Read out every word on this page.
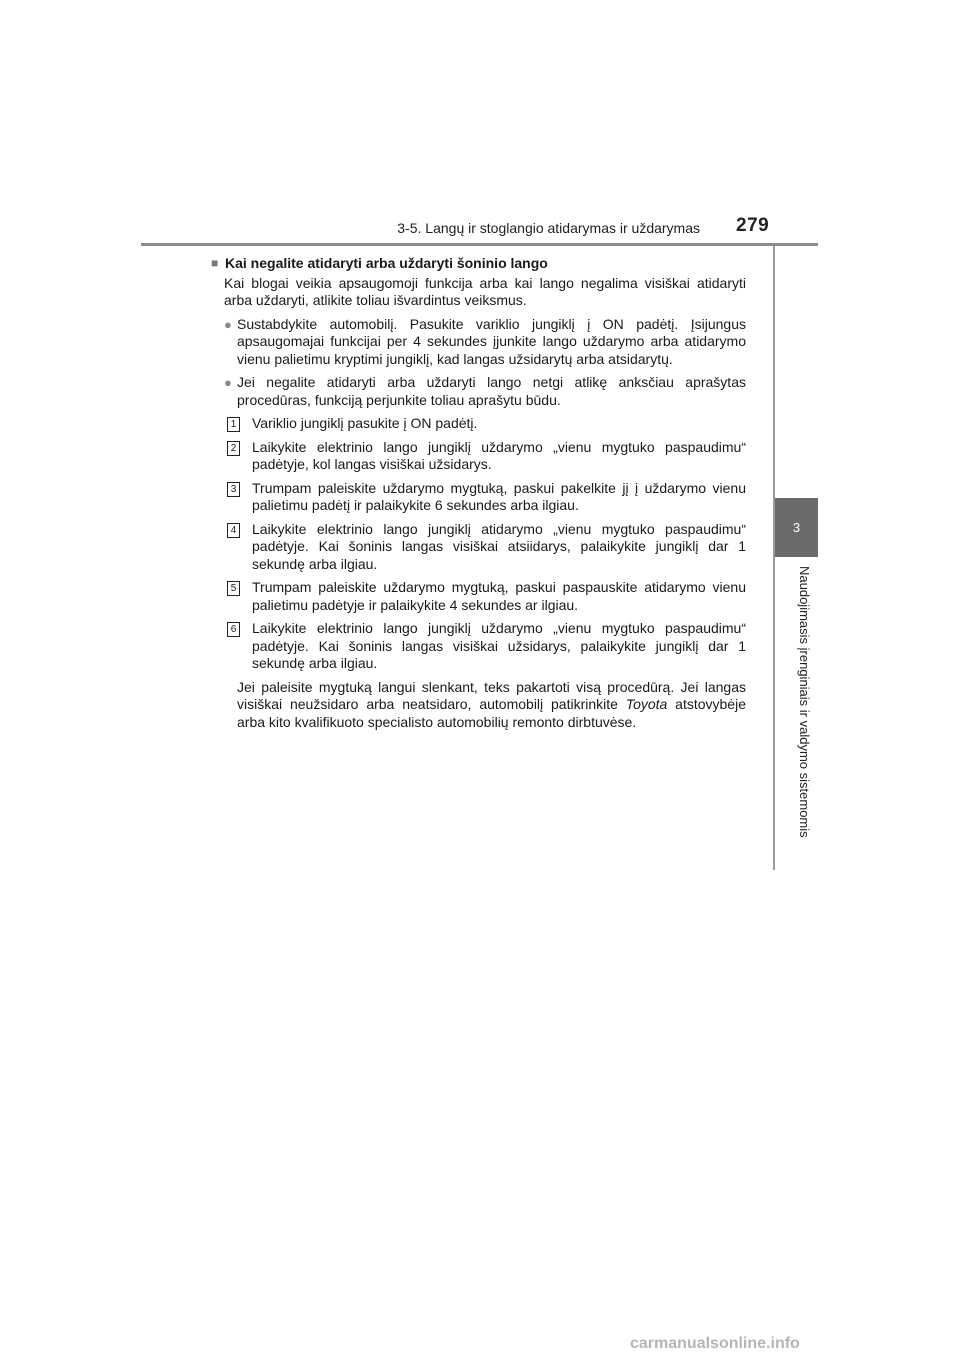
3-5. Langų ir stoglangio atidarymas ir uždarymas 279
3
Naudojimasis įrenginiais ir valdymo sistemomis
■ Kai negalite atidaryti arba uždaryti šoninio lango

Kai blogai veikia apsaugomoji funkcija arba kai lango negalima visiškai atidaryti arba uždaryti, atlikite toliau išvardintus veiksmus.

● Sustabdykite automobilį. Pasukite variklio jungiklį į ON padėtį. Įsijungus apsaugomajai funkcijai per 4 sekundes įjunkite lango uždarymo arba atidarymo vienu palietimu kryptimi jungiklį, kad langas užsidarytų arba atsidarytų.
● Jei negalite atidaryti arba uždaryti lango netgi atlikę anksčiau aprašytas procedūras, funkciją perjunkite toliau aprašytu būdu.
1 Variklio jungiklį pasukite į ON padėtį.
2 Laikykite elektrinio lango jungiklį uždarymo „vienu mygtuko paspaudimu“ padėtyje, kol langas visiškai užsidarys.
3 Trumpam paleiskite uždarymo mygtuką, paskui pakelkite jį į uždarymo vienu palietimu padėtį ir palaikykite 6 sekundes arba ilgiau.
4 Laikykite elektrinio lango jungiklį atidarymo „vienu mygtuko paspaudimu“ padėtyje. Kai šoninis langas visiškai atsiidarys, palaikykite jungiklį dar 1 sekundę arba ilgiau.
5 Trumpam paleiskite uždarymo mygtuką, paskui paspauskite atidarymo vienu palietimu padėtyje ir palaikykite 4 sekundes ar ilgiau.
6 Laikykite elektrinio lango jungiklį uždarymo „vienu mygtuko paspaudimu“ padėtyje. Kai šoninis langas visiškai užsidarys, palaikykite jungiklį dar 1 sekundę arba ilgiau.

Jei paleisite mygtuką langui slenkant, teks pakartoti visą procedūrą. Jei langas visiškai neužsidaro arba neatsidaro, automobilį patikrinkite Toyota atstovybėje arba kito kvalifikuoto specialisto automobilių remonto dirbtuvėse.

carmanualsonline.info
